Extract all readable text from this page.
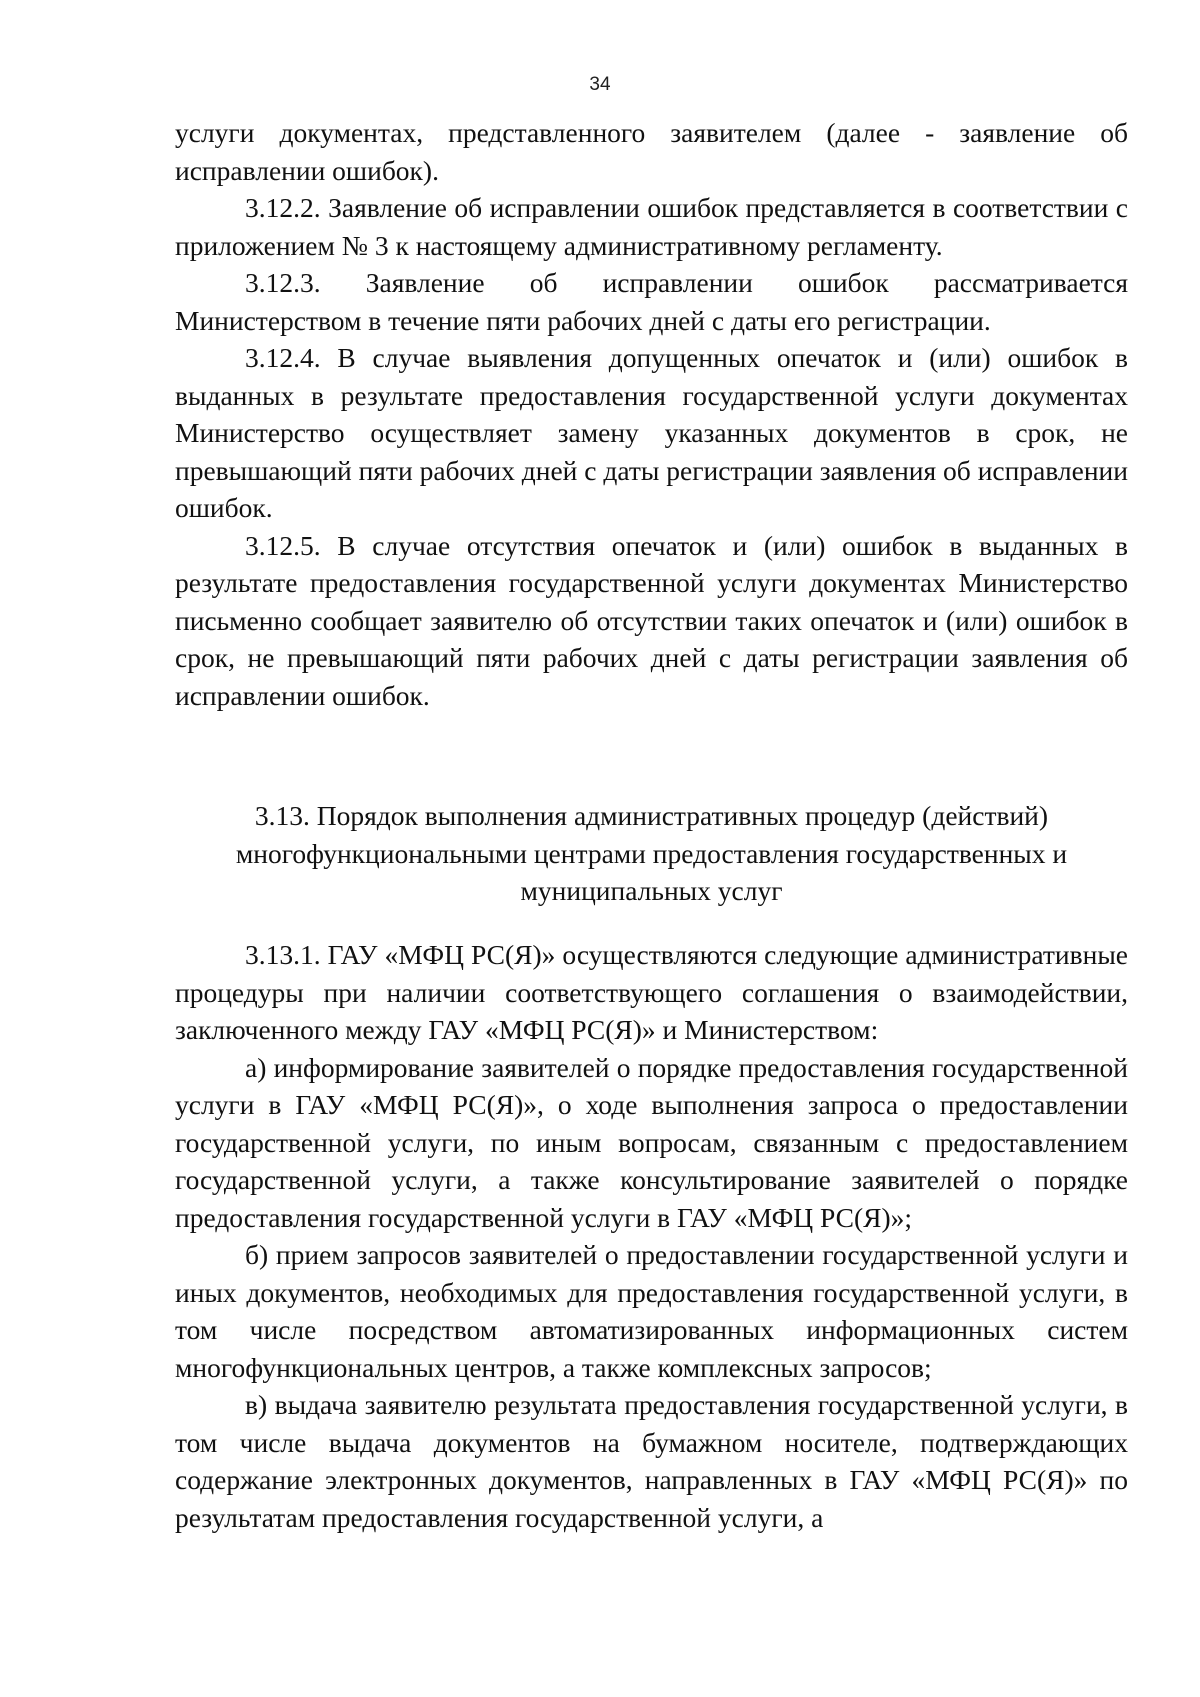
34

услуги документах, представленного заявителем (далее - заявление об исправлении ошибок).

3.12.2. Заявление об исправлении ошибок представляется в соответствии с приложением № 3 к настоящему административному регламенту.

3.12.3. Заявление об исправлении ошибок рассматривается Министерством в течение пяти рабочих дней с даты его регистрации.

3.12.4. В случае выявления допущенных опечаток и (или) ошибок в выданных в результате предоставления государственной услуги документах Министерство осуществляет замену указанных документов в срок, не превышающий пяти рабочих дней с даты регистрации заявления об исправлении ошибок.

3.12.5. В случае отсутствия опечаток и (или) ошибок в выданных в результате предоставления государственной услуги документах Министерство письменно сообщает заявителю об отсутствии таких опечаток и (или) ошибок в срок, не превышающий пяти рабочих дней с даты регистрации заявления об исправлении ошибок.

3.13. Порядок выполнения административных процедур (действий)
многофункциональными центрами предоставления государственных и
муниципальных услуг

3.13.1. ГАУ «МФЦ РС(Я)» осуществляются следующие административные процедуры при наличии соответствующего соглашения о взаимодействии, заключенного между ГАУ «МФЦ РС(Я)» и Министерством:

а) информирование заявителей о порядке предоставления государственной услуги в ГАУ «МФЦ РС(Я)», о ходе выполнения запроса о предоставлении государственной услуги, по иным вопросам, связанным с предоставлением государственной услуги, а также консультирование заявителей о порядке предоставления государственной услуги в ГАУ «МФЦ РС(Я)»;

б) прием запросов заявителей о предоставлении государственной услуги и иных документов, необходимых для предоставления государственной услуги, в том числе посредством автоматизированных информационных систем многофункциональных центров, а также комплексных запросов;

в) выдача заявителю результата предоставления государственной услуги, в том числе выдача документов на бумажном носителе, подтверждающих содержание электронных документов, направленных в ГАУ «МФЦ РС(Я)» по результатам предоставления государственной услуги, а
